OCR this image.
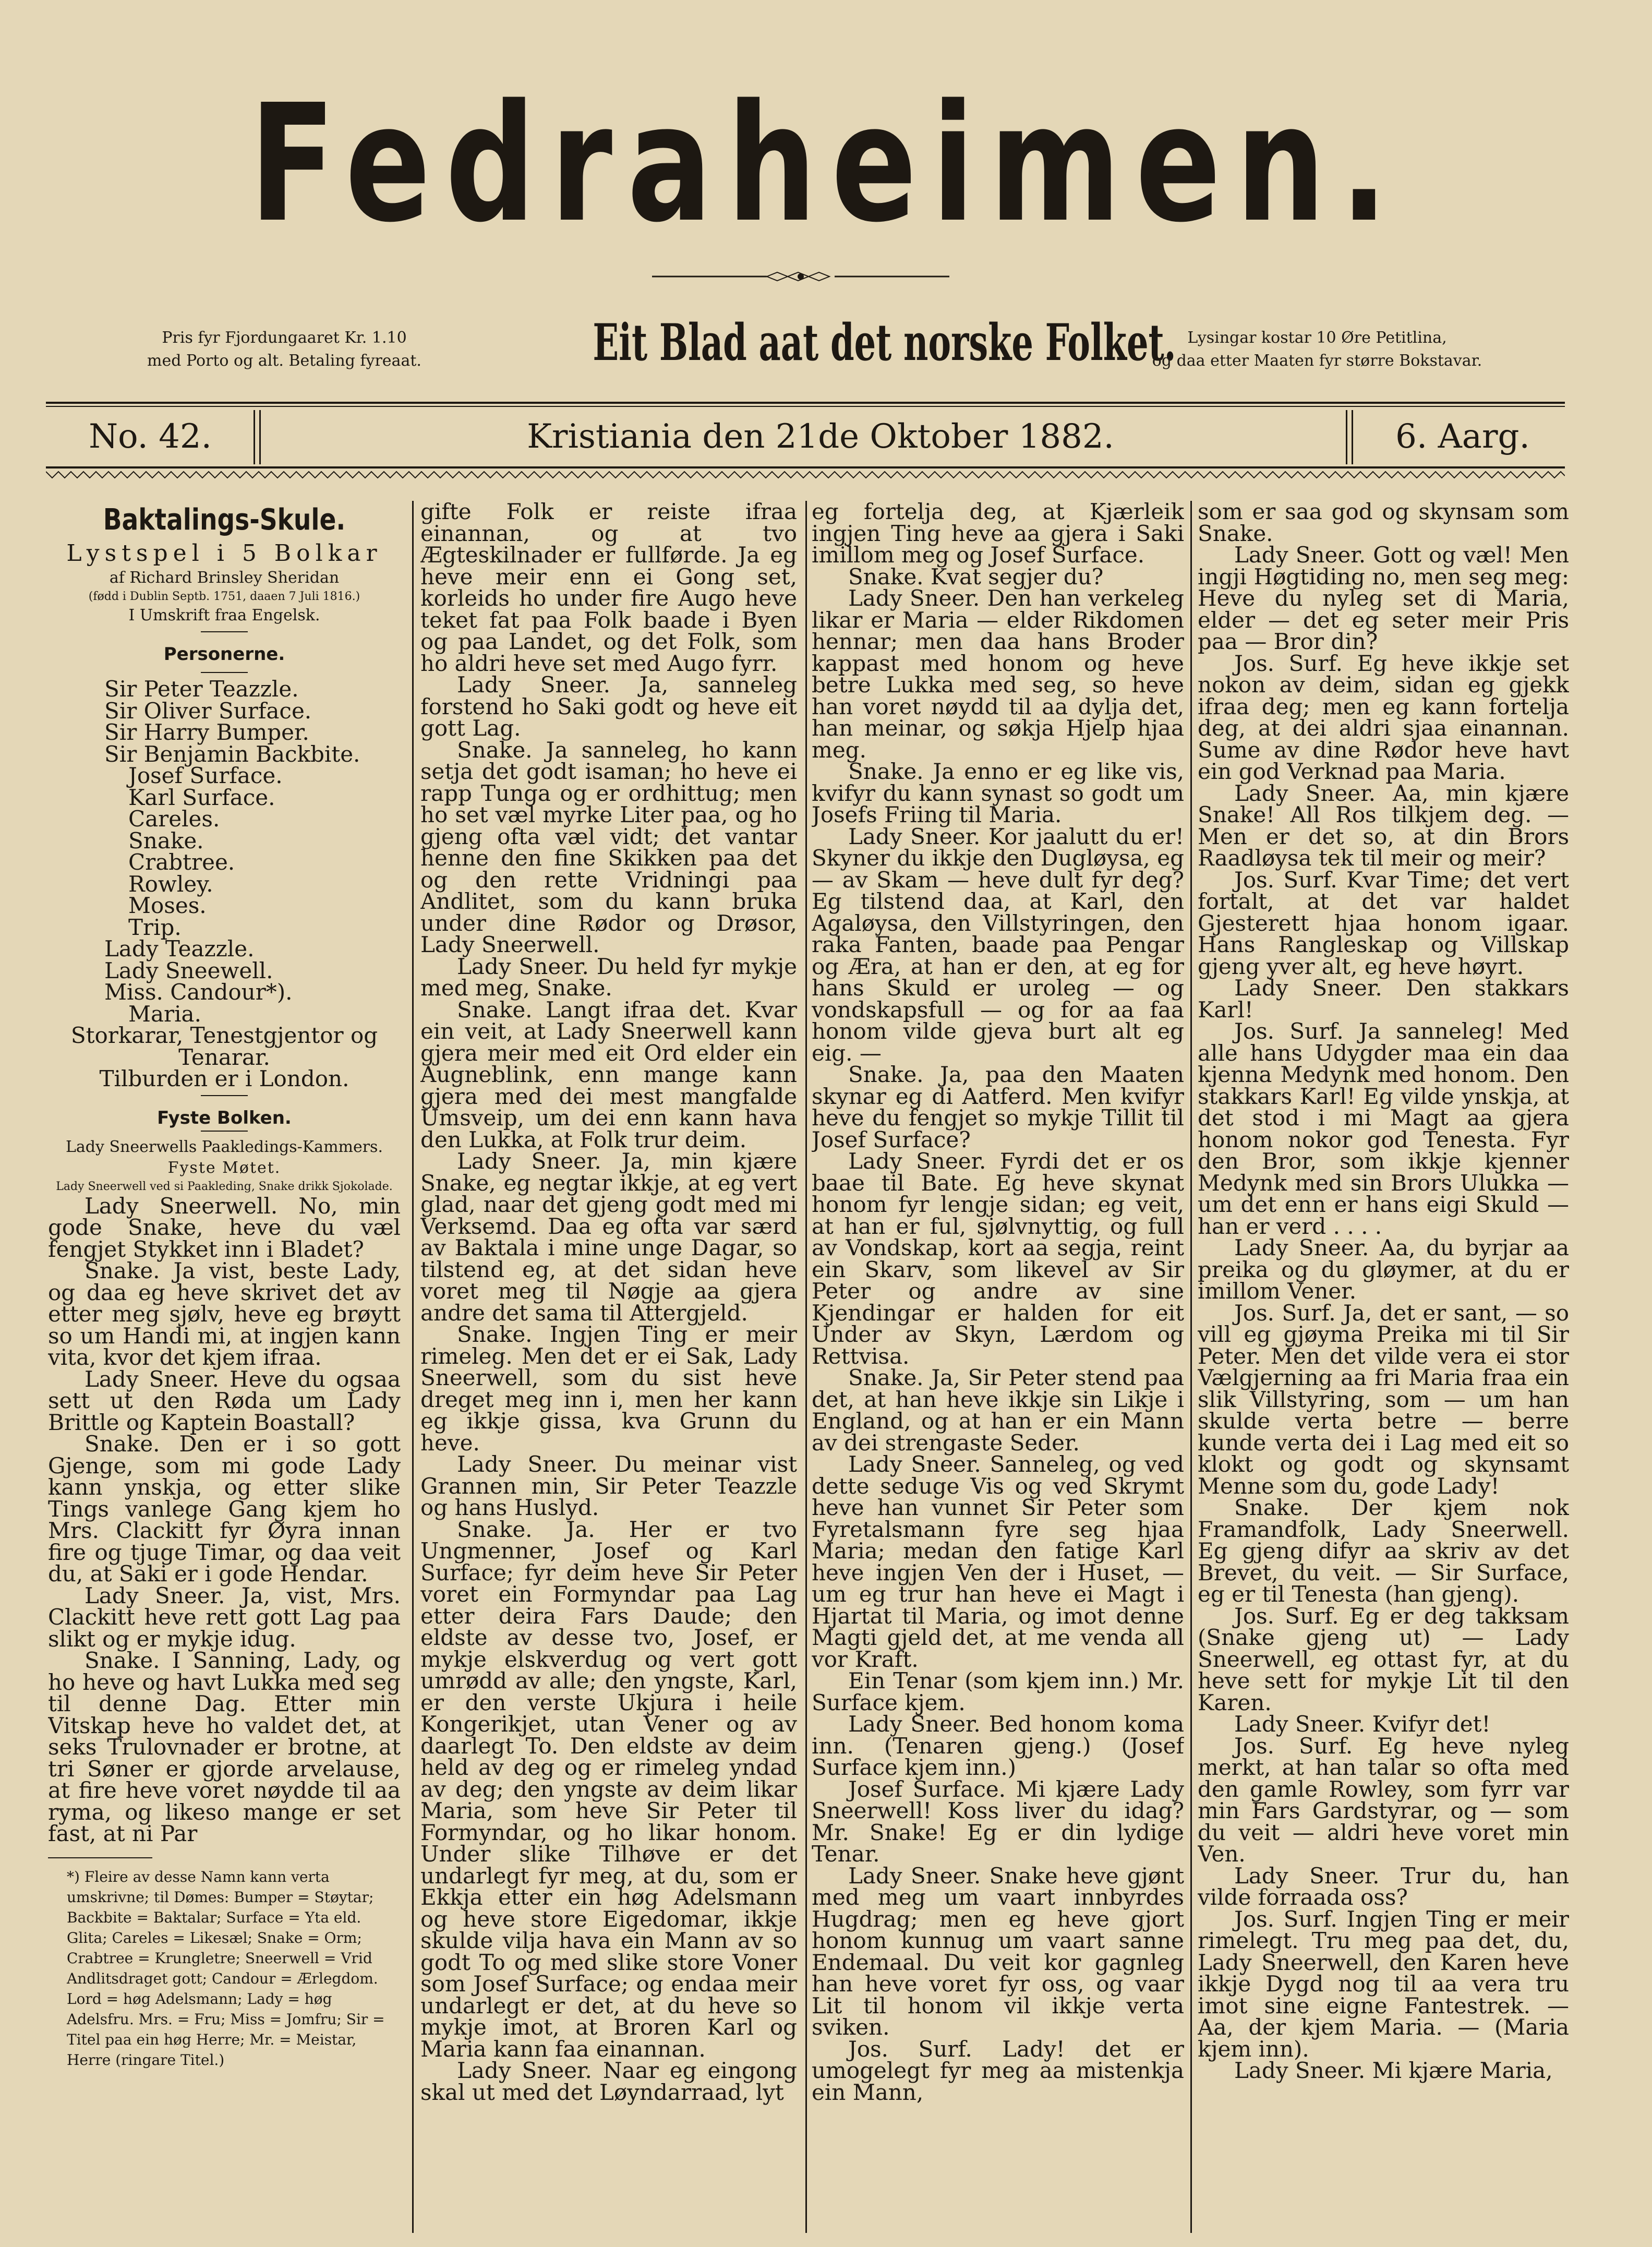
Fedraheimen.
Pris fyr Fjordungaaret Kr. 1.10
med Porto og alt. Betaling fyreaat.	Eit Blad aat det norske Folket. Lysingar kostar 10 Øre Petitlina,
og daa etter Maaten fyr større Bokstavar.
No. 42.	Kristiania den 21de Oktober 1882.	6. Aarg.
Baktalings-Skule.
Lystspel i 5 Bolkar

af Richard Brinsley Sheridan

(fødd i Dublin Septb. 1751, daaen 7 Juli 1816.)

I Umskrift fraa Engelsk.

Personerne.

Sir Peter Teazzle.

Sir Oliver Surface.

Sir Harry Bumper.

Sir Benjamin Backbite.

Josef Surface.

Karl Surface.

Careles.

Snake.

Crabtree.

Rowley.

Moses.

Trip.

Lady Teazzle.

Lady Sneewell.

Miss. Candour*).

Maria.

Storkarar, Tenestgjentor og Tenarar.

Tilburden er i London.

Fyste Bolken.

Lady Sneerwells Paakledings-Kammers.

Fyste Møtet.

Lady Sneerwell ved si Paakleding, Snake drikk Sjokolade.

Lady Sneerwell. No, min gode Snake, heve du væl fengjet Stykket inn i Bladet?

Snake. Ja vist, beste Lady, og daa eg heve skrivet det av etter meg sjølv, heve eg brøytt so um Handi mi, at ingjen kann vita, kvor det kjem ifraa.

Lady Sneer. Heve du ogsaa sett ut den Røda um Lady Brittle og Kaptein Boastall?

Snake. Den er i so gott Gjenge, som mi gode Lady kann ynskja, og etter slike Tings vanlege Gang kjem ho Mrs. Clackitt fyr Øyra innan fire og tjuge Timar, og daa veit du, at Saki er i gode Hendar.

Lady Sneer. Ja, vist, Mrs. Clackitt heve rett gott Lag paa slikt og er mykje idug.

Snake. I Sanning, Lady, og ho heve og havt Lukka med seg til denne Dag. Etter min Vitskap heve ho valdet det, at seks Trulovnader er brotne, at tri Søner er gjorde arvelause, at fire heve voret nøydde til aa ryma, og likeso mange er set fast, at ni Par

*) Fleire av desse Namn kann verta umskrivne; til Dømes: Bumper = Støytar; Backbite = Baktalar; Surface = Yta eld. Glita; Careles = Likesæl; Snake = Orm; Crabtree = Krungletre; Sneerwell = Vrid Andlitsdraget gott; Candour = Ærlegdom. Lord = høg Adelsmann; Lady = høg Adelsfru. Mrs. = Fru; Miss = Jomfru; Sir = Titel paa ein høg Herre; Mr. = Meistar, Herre (ringare Titel.)

gifte Folk er reiste ifraa einannan, og at tvo Ægteskilnader er fullførde. Ja eg heve meir enn ei Gong set, korleids ho under fire Augo heve teket fat paa Folk baade i Byen og paa Landet, og det Folk, som ho aldri heve set med Augo fyrr.

Lady Sneer. Ja, sanneleg forstend ho Saki godt og heve eit gott Lag.

Snake. Ja sanneleg, ho kann setja det godt isaman; ho heve ei rapp Tunga og er ordhittug; men ho set væl myrke Liter paa, og ho gjeng ofta væl vidt; det vantar henne den fine Skikken paa det og den rette Vridningi paa Andlitet, som du kann bruka under dine Rødor og Drøsor, Lady Sneerwell.

Lady Sneer. Du held fyr mykje med meg, Snake.

Snake. Langt ifraa det. Kvar ein veit, at Lady Sneerwell kann gjera meir med eit Ord elder ein Augneblink, enn mange kann gjera med dei mest mangfalde Umsveip, um dei enn kann hava den Lukka, at Folk trur deim.

Lady Sneer. Ja, min kjære Snake, eg negtar ikkje, at eg vert glad, naar det gjeng godt med mi Verksemd. Daa eg ofta var særd av Baktala i mine unge Dagar, so tilstend eg, at det sidan heve voret meg til Nøgje aa gjera andre det sama til Attergjeld.

Snake. Ingjen Ting er meir rimeleg. Men det er ei Sak, Lady Sneerwell, som du sist heve dreget meg inn i, men her kann eg ikkje gissa, kva Grunn du heve.

Lady Sneer. Du meinar vist Grannen min, Sir Peter Teazzle og hans Huslyd.

Snake. Ja. Her er tvo Ungmenner, Josef og Karl Surface; fyr deim heve Sir Peter voret ein Formyndar paa Lag etter deira Fars Daude; den eldste av desse tvo, Josef, er mykje elskverdug og vert gott umrødd av alle; den yngste, Karl, er den verste Ukjura i heile Kongerikjet, utan Vener og av daarlegt To. Den eldste av deim held av deg og er rimeleg yndad av deg; den yngste av deim likar Maria, som heve Sir Peter til Formyndar, og ho likar honom. Under slike Tilhøve er det undarlegt fyr meg, at du, som er Ekkja etter ein høg Adelsmann og heve store Eigedomar, ikkje skulde vilja hava ein Mann av so godt To og med slike store Voner som Josef Surface; og endaa meir undarlegt er det, at du heve so mykje imot, at Broren Karl og Maria kann faa einannan.

Lady Sneer. Naar eg eingong skal ut med det Løyndarraad, lyt

eg fortelja deg, at Kjærleik ingjen Ting heve aa gjera i Saki imillom meg og Josef Surface.

Snake. Kvat segjer du?

Lady Sneer. Den han verkeleg likar er Maria — elder Rikdomen hennar; men daa hans Broder kappast med honom og heve betre Lukka med seg, so heve han voret nøydd til aa dylja det, han meinar, og søkja Hjelp hjaa meg.

Snake. Ja enno er eg like vis, kvifyr du kann synast so godt um Josefs Friing til Maria.

Lady Sneer. Kor jaalutt du er! Skyner du ikkje den Dugløysa, eg — av Skam — heve dult fyr deg? Eg tilstend daa, at Karl, den Agaløysa, den Villstyringen, den raka Fanten, baade paa Pengar og Æra, at han er den, at eg for hans Skuld er uroleg — og vondskapsfull — og for aa faa honom vilde gjeva burt alt eg eig. —

Snake. Ja, paa den Maaten skynar eg di Aatferd. Men kvifyr heve du fengjet so mykje Tillit til Josef Surface?

Lady Sneer. Fyrdi det er os baae til Bate. Eg heve skynat honom fyr lengje sidan; eg veit, at han er ful, sjølvnyttig, og full av Vondskap, kort aa segja, reint ein Skarv, som likevel av Sir Peter og andre av sine Kjendingar er halden for eit Under av Skyn, Lærdom og Rettvisa.

Snake. Ja, Sir Peter stend paa det, at han heve ikkje sin Likje i England, og at han er ein Mann av dei strengaste Seder.

Lady Sneer. Sanneleg, og ved dette seduge Vis og ved Skrymt heve han vunnet Sir Peter som Fyretalsmann fyre seg hjaa Maria; medan den fatige Karl heve ingjen Ven der i Huset, — um eg trur han heve ei Magt i Hjartat til Maria, og imot denne Magti gjeld det, at me venda all vor Kraft.

Ein Tenar (som kjem inn.) Mr. Surface kjem.

Lady Sneer. Bed honom koma inn. (Tenaren gjeng.) (Josef Surface kjem inn.)

Josef Surface. Mi kjære Lady Sneerwell! Koss liver du idag? Mr. Snake! Eg er din lydige Tenar.

Lady Sneer. Snake heve gjønt med meg um vaart innbyrdes Hugdrag; men eg heve gjort honom kunnug um vaart sanne Endemaal. Du veit kor gagnleg han heve voret fyr oss, og vaar Lit til honom vil ikkje verta sviken.

Jos. Surf. Lady! det er umogelegt fyr meg aa mistenkja ein Mann,

som er saa god og skynsam som Snake.

Lady Sneer. Gott og væl! Men ingji Høgtiding no, men seg meg: Heve du nyleg set di Maria, elder — det eg seter meir Pris paa — Bror din?

Jos. Surf. Eg heve ikkje set nokon av deim, sidan eg gjekk ifraa deg; men eg kann fortelja deg, at dei aldri sjaa einannan. Sume av dine Rødor heve havt ein god Verknad paa Maria.

Lady Sneer. Aa, min kjære Snake! All Ros tilkjem deg. — Men er det so, at din Brors Raadløysa tek til meir og meir?

Jos. Surf. Kvar Time; det vert fortalt, at det var haldet Gjesterett hjaa honom igaar. Hans Rangleskap og Villskap gjeng yver alt, eg heve høyrt.

Lady Sneer. Den stakkars Karl!

Jos. Surf. Ja sanneleg! Med alle hans Udygder maa ein daa kjenna Medynk med honom. Den stakkars Karl! Eg vilde ynskja, at det stod i mi Magt aa gjera honom nokor god Tenesta. Fyr den Bror, som ikkje kjenner Medynk med sin Brors Ulukka — um det enn er hans eigi Skuld — han er verd . . . .

Lady Sneer. Aa, du byrjar aa preika og du gløymer, at du er imillom Vener.

Jos. Surf. Ja, det er sant, — so vill eg gjøyma Preika mi til Sir Peter. Men det vilde vera ei stor Vælgjerning aa fri Maria fraa ein slik Villstyring, som — um han skulde verta betre — berre kunde verta dei i Lag med eit so klokt og godt og skynsamt Menne som du, gode Lady!

Snake. Der kjem nok Framandfolk, Lady Sneerwell. Eg gjeng difyr aa skriv av det Brevet, du veit. — Sir Surface, eg er til Tenesta (han gjeng).

Jos. Surf. Eg er deg takksam (Snake gjeng ut) — Lady Sneerwell, eg ottast fyr, at du heve sett for mykje Lit til den Karen.

Lady Sneer. Kvifyr det!

Jos. Surf. Eg heve nyleg merkt, at han talar so ofta med den gamle Rowley, som fyrr var min Fars Gardstyrar, og — som du veit — aldri heve voret min Ven.

Lady Sneer. Trur du, han vilde forraada oss?

Jos. Surf. Ingjen Ting er meir rimelegt. Tru meg paa det, du, Lady Sneerwell, den Karen heve ikkje Dygd nog til aa vera tru imot sine eigne Fantestrek. — Aa, der kjem Maria. — (Maria kjem inn).

Lady Sneer. Mi kjære Maria,
